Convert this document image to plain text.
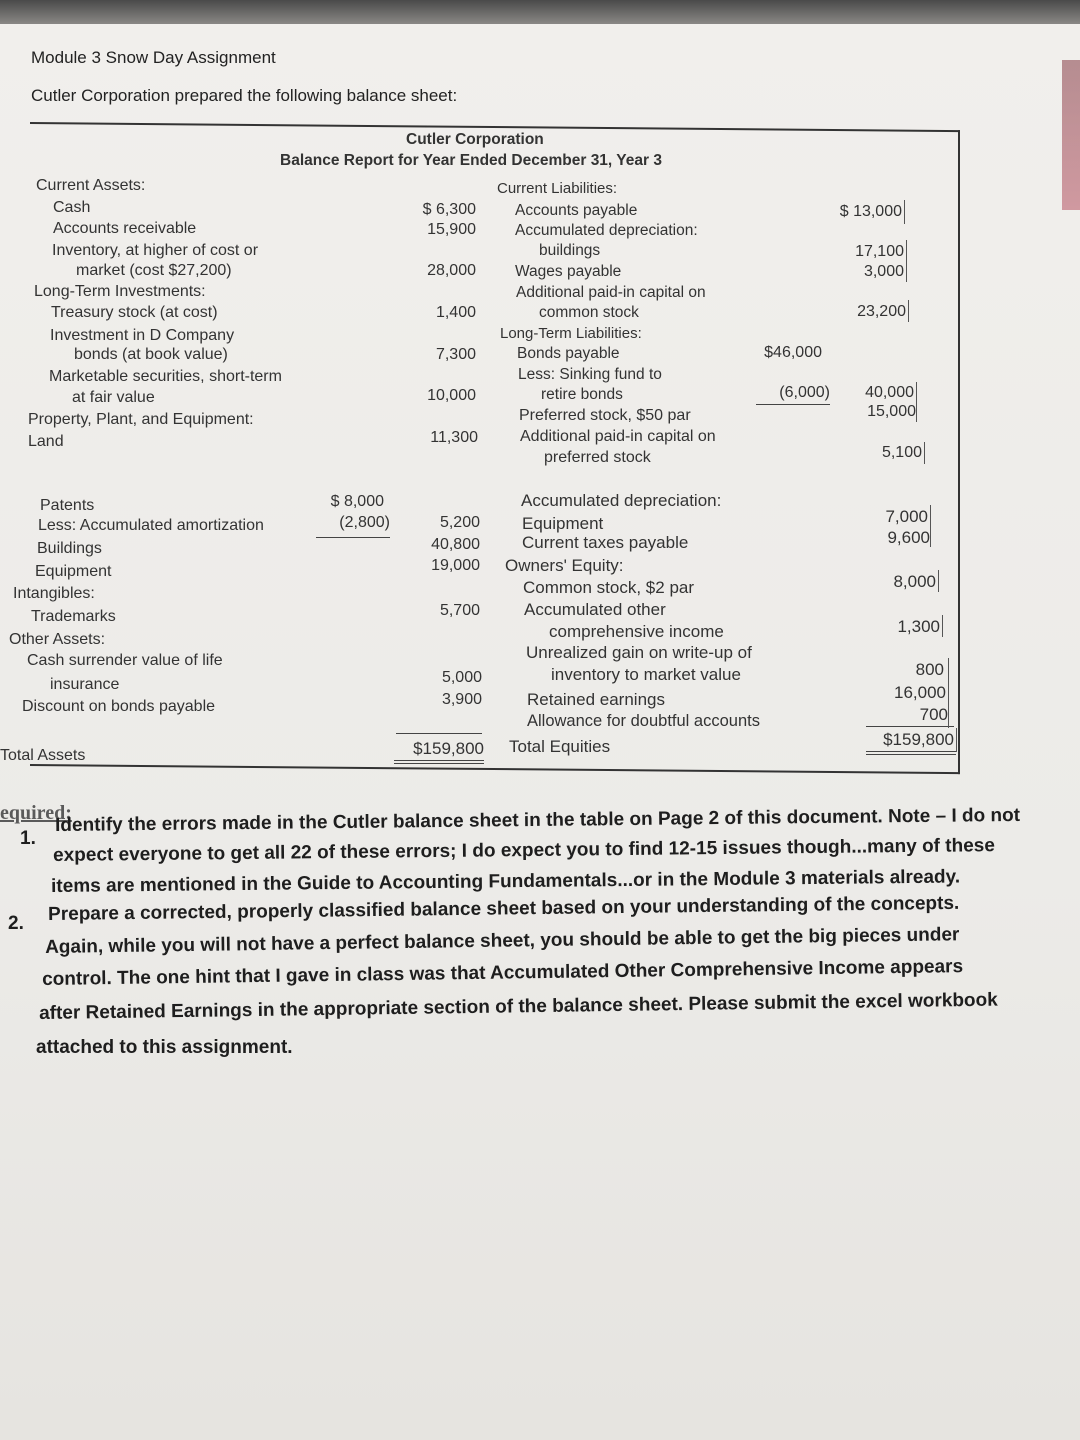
Module 3 Snow Day Assignment
Cutler Corporation prepared the following balance sheet:
Cutler Corporation
Balance Report for Year Ended December 31, Year 3
Current Assets:
Cash	$ 6,300
Accounts receivable	15,900
Inventory, at higher of cost or
market (cost $27,200)	28,000
Long-Term Investments:
Treasury stock (at cost)	1,400
Investment in D Company
bonds (at book value)	7,300
Marketable securities, short-term
at fair value	10,000
Property, Plant, and Equipment:
Land	11,300
Patents	$ 8,000
Less: Accumulated amortization	(2,800)	5,200
Buildings	40,800
Equipment	19,000
Intangibles:
Trademarks	5,700
Other Assets:
Cash surrender value of life
insurance	5,000
Discount on bonds payable	3,900
Total Assets	$159,800
Current Liabilities:
Accounts payable	$ 13,000
Accumulated depreciation:
buildings	17,100
Wages payable	3,000
Additional paid-in capital on
common stock	23,200
Long-Term Liabilities:
Bonds payable	$46,000
Less: Sinking fund to
retire bonds	(6,000)	40,000
Preferred stock, $50 par	15,000
Additional paid-in capital on
preferred stock	5,100
Accumulated depreciation:
Equipment	7,000
Current taxes payable	9,600
Owners' Equity:
Common stock, $2 par	8,000
Accumulated other
comprehensive income	1,300
Unrealized gain on write-up of
inventory to market value	800
Retained earnings	16,000
Allowance for doubtful accounts	700
Total Equities	$159,800
equired:
1.
Identify the errors made in the Cutler balance sheet in the table on Page 2 of this document. Note – I do not
expect everyone to get all 22 of these errors; I do expect you to find 12-15 issues though...many of these
items are mentioned in the Guide to Accounting Fundamentals...or in the Module 3 materials already.
2. Prepare a corrected, properly classified balance sheet based on your understanding of the concepts.
Again, while you will not have a perfect balance sheet, you should be able to get the big pieces under
control. The one hint that I gave in class was that Accumulated Other Comprehensive Income appears
after Retained Earnings in the appropriate section of the balance sheet. Please submit the excel workbook
attached to this assignment.
